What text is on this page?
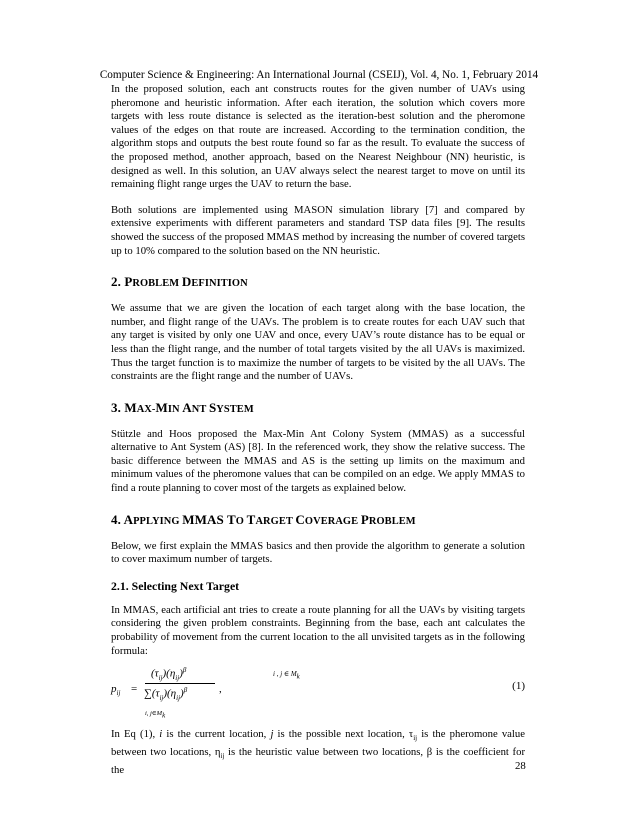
Computer Science & Engineering: An International Journal (CSEIJ), Vol. 4, No. 1, February 2014

In the proposed solution, each ant constructs routes for the given number of UAVs using pheromone and heuristic information. After each iteration, the solution which covers more targets with less route distance is selected as the iteration-best solution and the pheromone values of the edges on that route are increased. According to the termination condition, the algorithm stops and outputs the best route found so far as the result. To evaluate the success of the proposed method, another approach, based on the Nearest Neighbour (NN) heuristic, is designed as well. In this solution, an UAV always select the nearest target to move on until its remaining flight range urges the UAV to return the base.

Both solutions are implemented using MASON simulation library [7] and compared by extensive experiments with different parameters and standard TSP data files [9]. The results showed the success of the proposed MMAS method by increasing the number of covered targets up to 10% compared to the solution based on the NN heuristic.

2. PROBLEM DEFINITION

We assume that we are given the location of each target along with the base location, the number, and flight range of the UAVs. The problem is to create routes for each UAV such that any target is visited by only one UAV and once, every UAV’s route distance has to be equal or less than the flight range, and the number of total targets visited by the all UAVs is maximized. Thus the target function is to maximize the number of targets to be visited by the all UAVs. The constraints are the flight range and the number of UAVs.

3. MAX-MIN ANT SYSTEM

Stützle and Hoos proposed the Max-Min Ant Colony System (MMAS) as a successful alternative to Ant System (AS) [8]. In the referenced work, they show the relative success. The basic difference between the MMAS and AS is the setting up limits on the maximum and minimum values of the pheromone values that can be compiled on an edge. We apply MMAS to find a route planning to cover most of the targets as explained below.

4. APPLYING MMAS TO TARGET COVERAGE PROBLEM

Below, we first explain the MMAS basics and then provide the algorithm to generate a solution to cover maximum number of targets.

2.1. Selecting Next Target

In MMAS, each artificial ant tries to create a route planning for all the UAVs by visiting targets considering the given problem constraints. Beginning from the base, each ant calculates the probability of movement from the current location to the all unvisited targets as in the following formula:

$p_{ij}$ =
$(\tau_{ij})(\eta_{ij})^\beta$
$\sum(\tau_{ij})(\eta_{ij})^\beta$
i, $j\in M_k$
,
i , j ∈ $M_k$
(1)

In Eq (1), i is the current location, j is the possible next location, $\tau_{ij}$ is the pheromone value between two locations, $\eta_{ij}$ is the heuristic value between two locations, β is the coefficient for the	28
